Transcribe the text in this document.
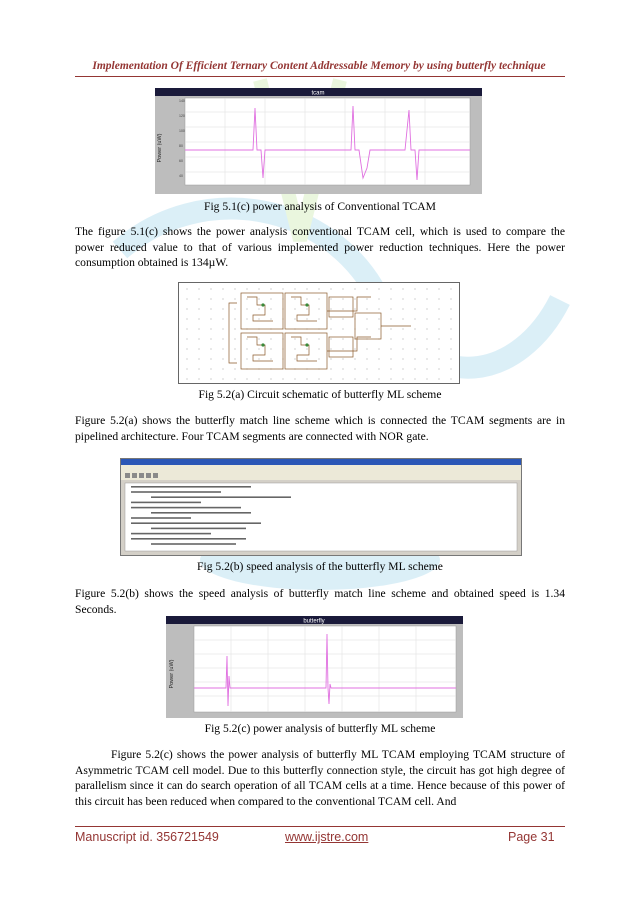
Implementation Of Efficient Ternary Content Addressable Memory by using butterfly technique
tcam
Power (uW)
140
120
100
80
60
40
Fig 5.1(c) power analysis of Conventional TCAM

The figure 5.1(c) shows the power analysis conventional TCAM cell, which is used to compare the power reduced value to that of various implemented power reduction techniques. Here the power consumption obtained is 134µW.

Fig 5.2(a) Circuit schematic of butterfly ML scheme

Figure 5.2(a) shows the butterfly match line scheme which is connected the TCAM segments are in pipelined architecture. Four TCAM segments are connected with NOR gate.

Fig 5.2(b) speed analysis of the butterfly ML scheme

Figure 5.2(b) shows the speed analysis of butterfly match line scheme and obtained speed is 1.34 Seconds.

butterfly
Power (uW)
Fig 5.2(c) power analysis of butterfly ML scheme

Figure 5.2(c) shows the power analysis of butterfly ML TCAM employing TCAM structure of Asymmetric TCAM cell model. Due to this butterfly connection style, the circuit has got high degree of parallelism since it can do search operation of all TCAM cells at a time. Hence because of this power of this circuit has been reduced when compared to the conventional TCAM cell. And

Manuscript id. 356721549	www.ijstre.com	Page 31
